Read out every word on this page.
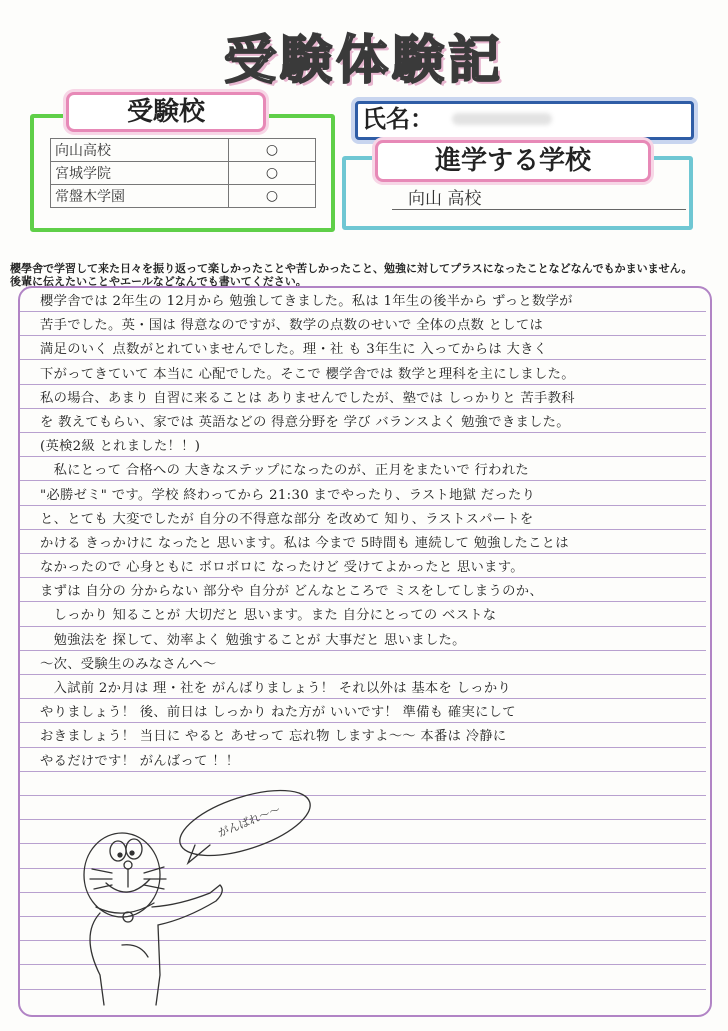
受験体験記
受験校
向山高校	○
宮城学院	○
常盤木学園	○
氏名：
進学する学校
向山 高校
櫻學舎で学習して来た日々を振り返って楽しかったことや苦しかったこと、勉強に対してプラスになったことなどなんでもかまいません。
後輩に伝えたいことやエールなどなんでも書いてください。
櫻学舎では 2年生の 12月から 勉強してきました。私は 1年生の後半から ずっと数学が
苦手でした。英・国は 得意なのですが、数学の点数のせいで 全体の点数 としては
満足のいく 点数がとれていませんでした。理・社 も 3年生に 入ってからは 大きく
下がってきていて 本当に 心配でした。そこで 櫻学舎では 数学と理科を主にしました。
私の場合、あまり 自習に来ることは ありませんでしたが、塾では しっかりと 苦手教科
を 教えてもらい、家では 英語などの 得意分野を 学び バランスよく 勉強できました。
(英検2級 とれました！！)
　私にとって 合格への 大きなステップになったのが、正月をまたいで 行われた
"必勝ゼミ" です。学校 終わってから 21:30 までやったり、ラスト地獄 だったり
と、とても 大変でしたが 自分の不得意な部分 を改めて 知り、ラストスパートを
かける きっかけに なったと 思います。私は 今まで 5時間も 連続して 勉強したことは
なかったので 心身ともに ボロボロに なったけど 受けてよかったと 思います。
まずは 自分の 分からない 部分や 自分が どんなところで ミスをしてしまうのか、
　しっかり 知ることが 大切だと 思います。また 自分にとっての ベストな
　勉強法を 探して、効率よく 勉強することが 大事だと 思いました。
～次、受験生のみなさんへ～
　入試前 2か月は 理・社を がんばりましょう！ それ以外は 基本を しっかり
やりましょう！ 後、前日は しっかり ねた方が いいです！ 準備も 確実にして
おきましょう！ 当日に やると あせって 忘れ物 しますよ～～ 本番は 冷静に
やるだけです！ がんばって ！！
がんばれ〜〜
